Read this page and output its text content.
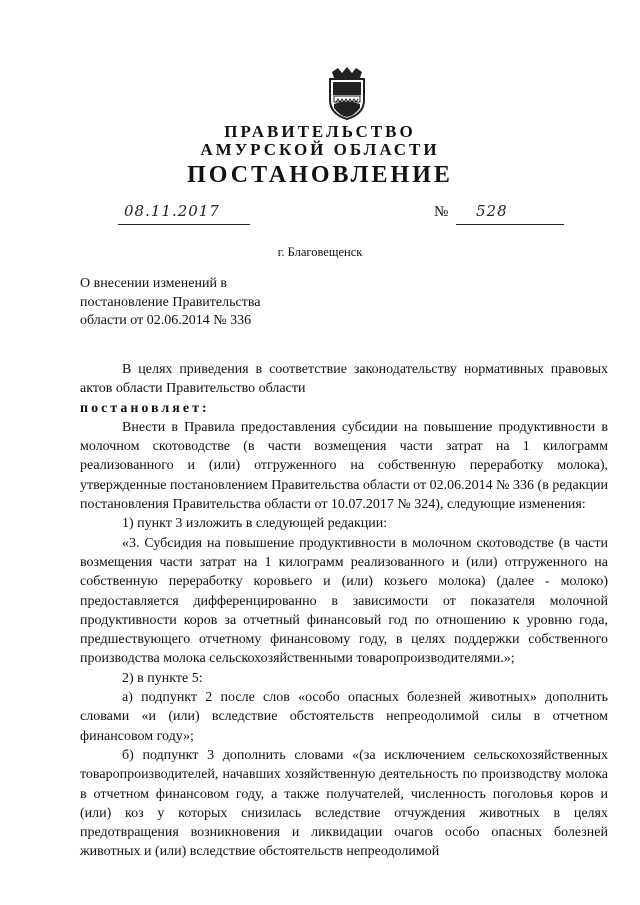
ПРАВИТЕЛЬСТВО
АМУРСКОЙ ОБЛАСТИ
ПОСТАНОВЛЕНИЕ
08.11.2017	№ 528
г. Благовещенск
О внесении изменений в
постановление Правительства
области от 02.06.2014 № 336

В целях приведения в соответствие законодательству нормативных правовых актов области Правительство области

постановляет:

Внести в Правила предоставления субсидии на повышение продуктивности в молочном скотоводстве (в части возмещения части затрат на 1 килограмм реализованного и (или) отгруженного на собственную переработку молока), утвержденные постановлением Правительства области от 02.06.2014 № 336 (в редакции постановления Правительства области от 10.07.2017 № 324), следующие изменения:

1) пункт 3 изложить в следующей редакции:

«3. Субсидия на повышение продуктивности в молочном скотоводстве (в части возмещения части затрат на 1 килограмм реализованного и (или) отгруженного на собственную переработку коровьего и (или) козьего молока) (далее - молоко) предоставляется дифференцированно в зависимости от показателя молочной продуктивности коров за отчетный финансовый год по отношению к уровню года, предшествующего отчетному финансовому году, в целях поддержки собственного производства молока сельскохозяйственными товаропроизводителями.»;

2) в пункте 5:

а) подпункт 2 после слов «особо опасных болезней животных» дополнить словами «и (или) вследствие обстоятельств непреодолимой силы в отчетном финансовом году»;

б) подпункт 3 дополнить словами «(за исключением сельскохозяйственных товаропроизводителей, начавших хозяйственную деятельность по производству молока в отчетном финансовом году, а также получателей, численность поголовья коров и (или) коз у которых снизилась вследствие отчуждения животных в целях предотвращения возникновения и ликвидации очагов особо опасных болезней животных и (или) вследствие обстоятельств непреодолимой
